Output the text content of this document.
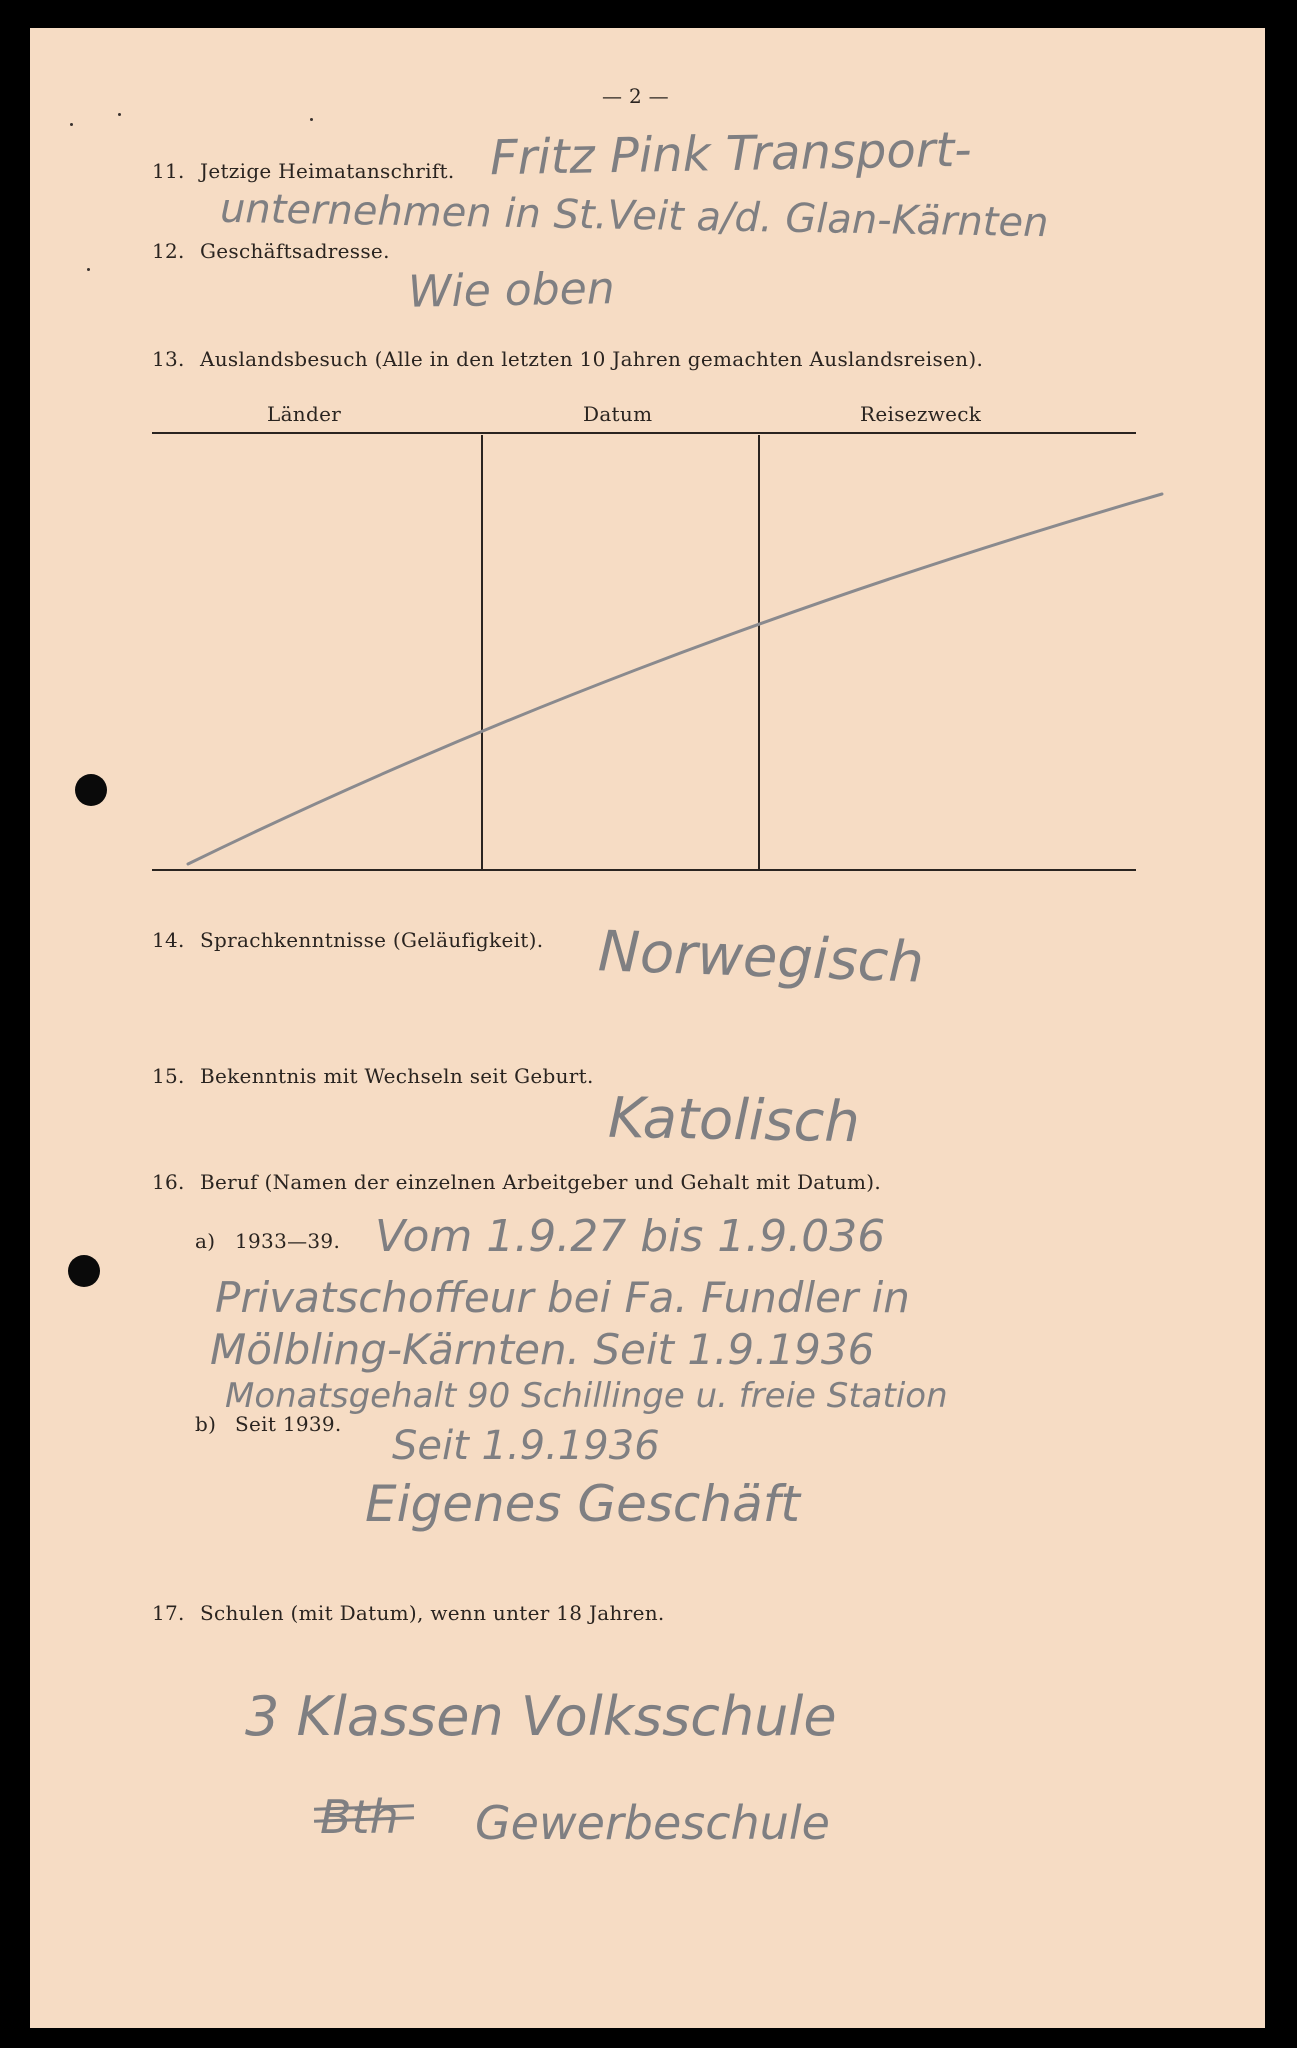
— 2 —
11. Jetzige Heimatanschrift. Fritz Pink Transport-
unternehmen in St.Veit a/d. Glan-Kärnten
12. Geschäftsadresse.
Wie oben
13. Auslandsbesuch (Alle in den letzten 10 Jahren gemachten Auslandsreisen).
Länder	Datum	Reisezweck
14. Sprachkenntnisse (Geläufigkeit). Norwegisch
15. Bekenntnis mit Wechseln seit Geburt.
Katolisch
16. Beruf (Namen der einzelnen Arbeitgeber und Gehalt mit Datum).
a) 1933—39.
b) Seit 1939.
Vom 1.9.27 bis 1.9.036
Privatschoffeur bei Fa. Fundler in
Mölbling-Kärnten. Seit 1.9.1936
Monatsgehalt 90 Schillinge u. freie Station
Seit 1.9.1936
Eigenes Geschäft
17. Schulen (mit Datum), wenn unter 18 Jahren.
3 Klassen Volksschule
Bth Gewerbeschule
